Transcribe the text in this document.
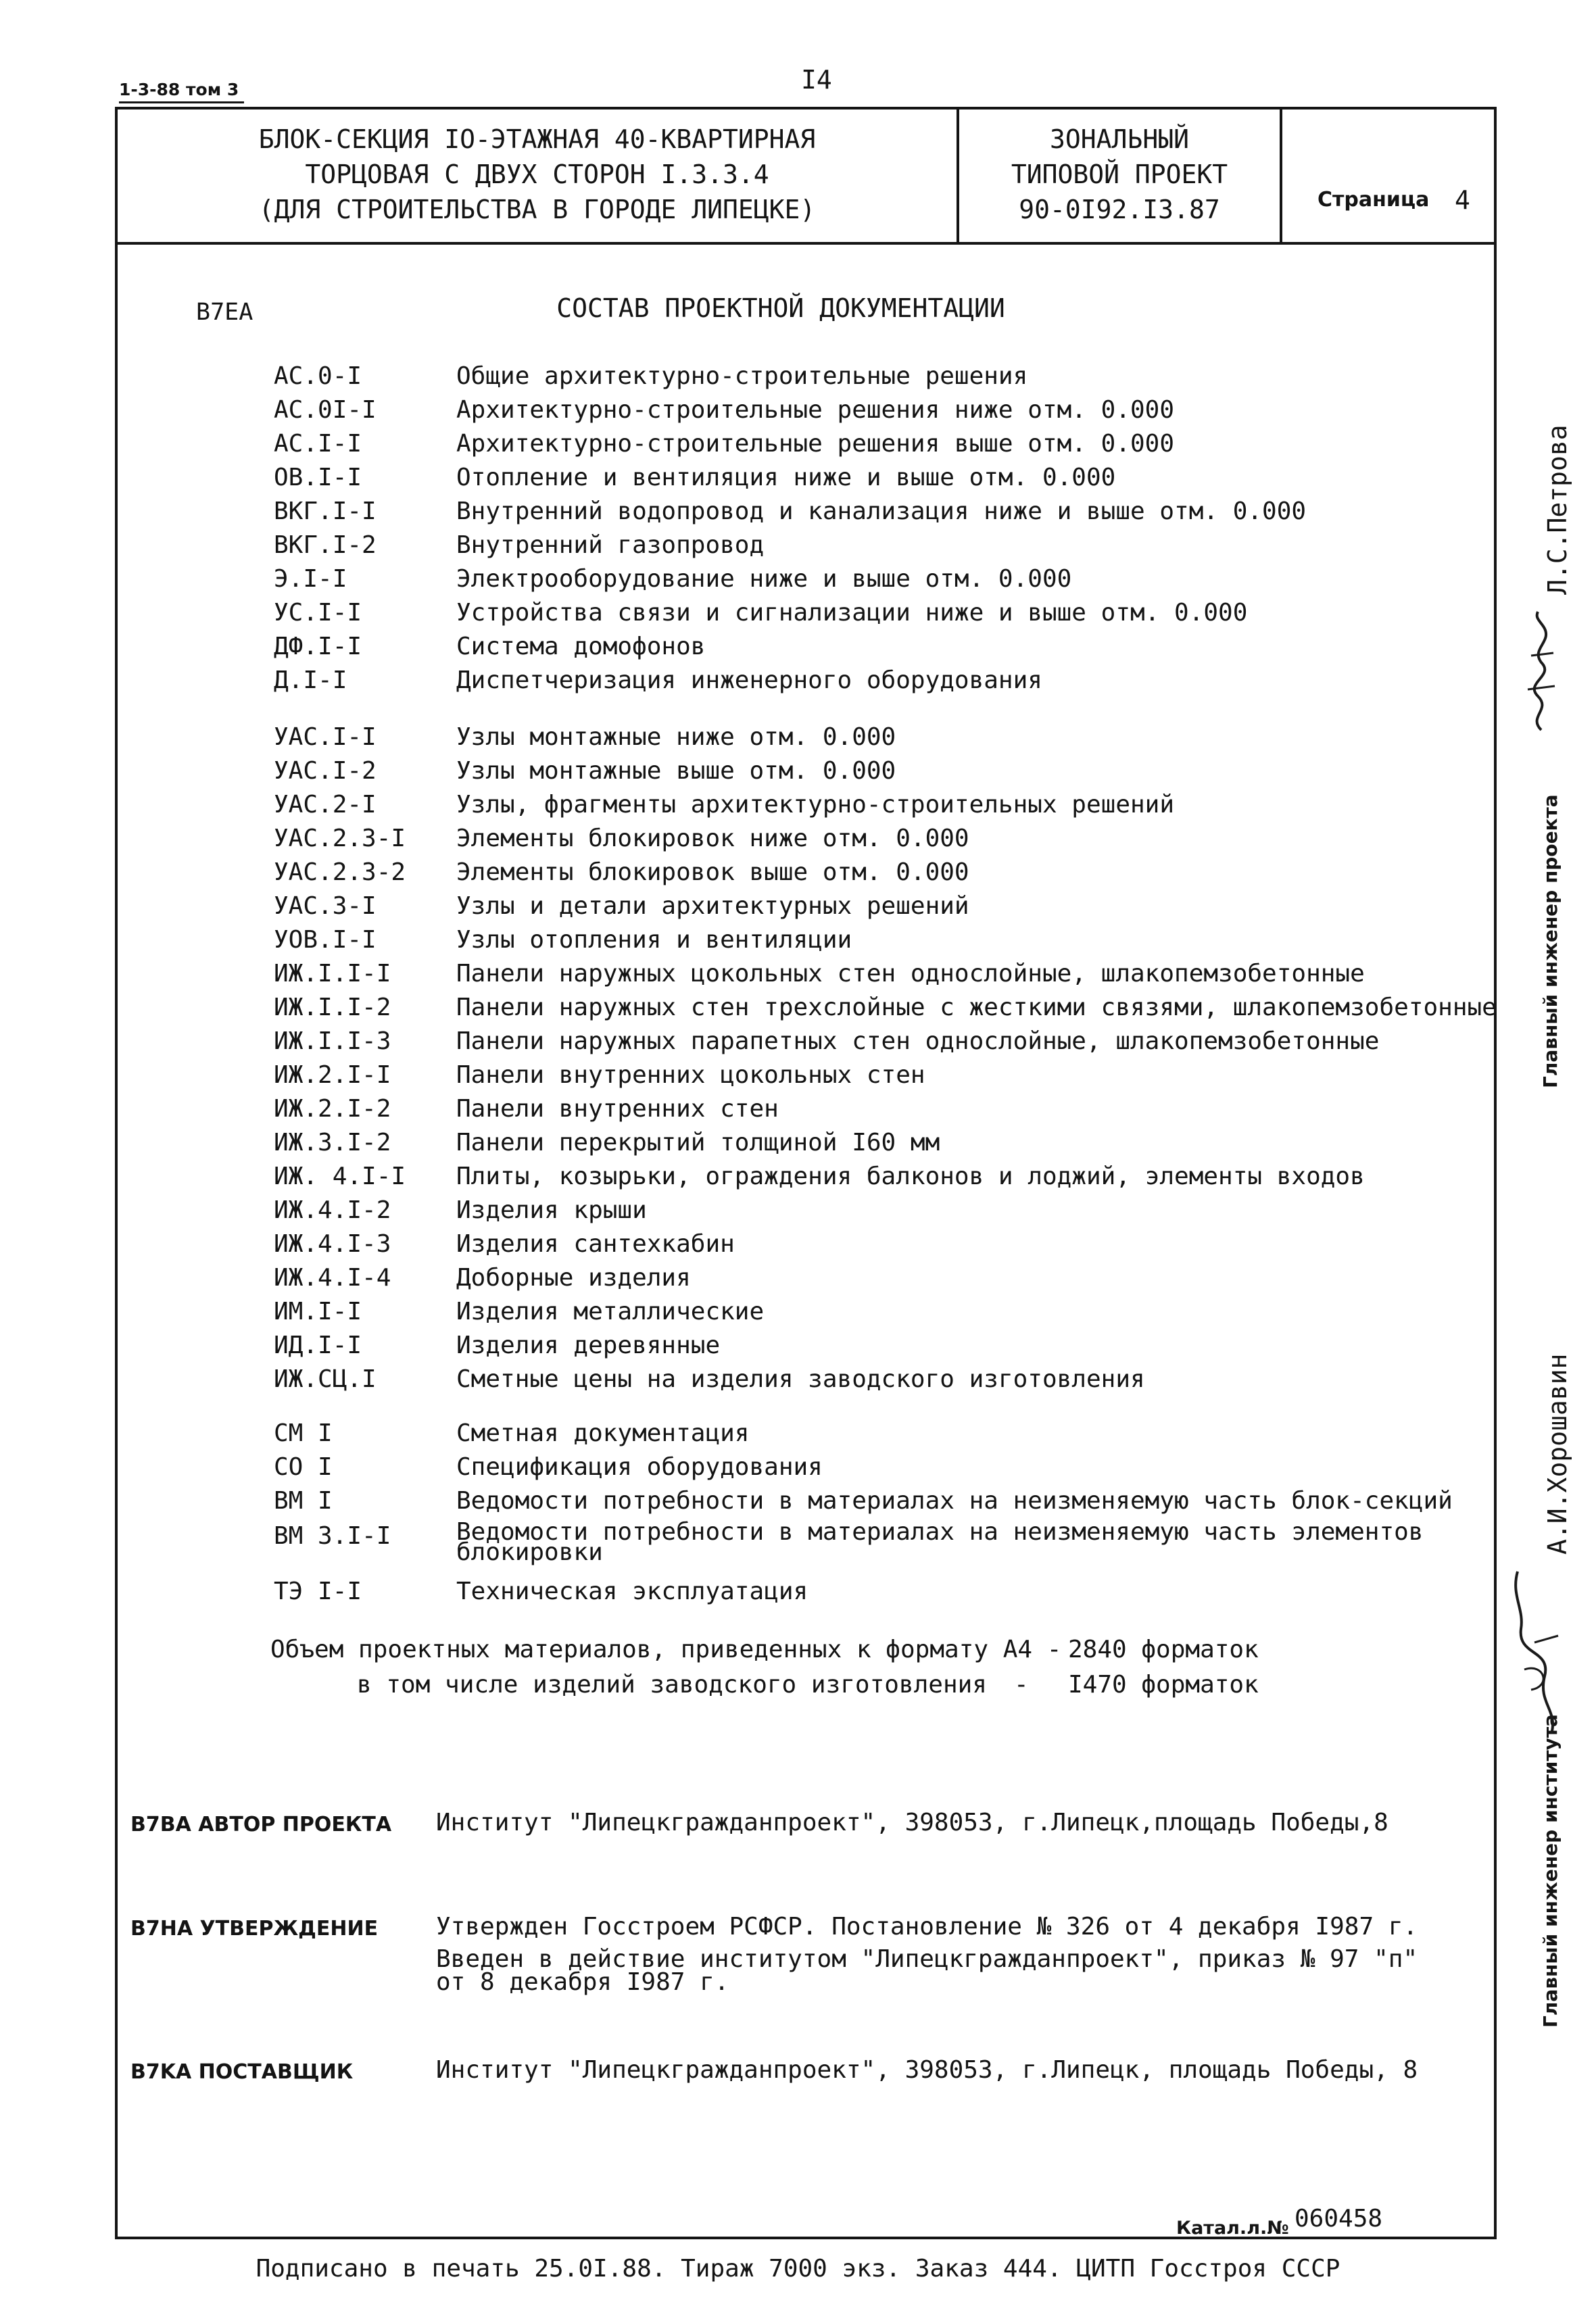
1-3-88 том 3	I4
БЛОК-СЕКЦИЯ IO-ЭТАЖНАЯ 40-КВАРТИРНАЯ
ТОРЦОВАЯ С ДВУХ СТОРОН I.3.3.4
(ДЛЯ СТРОИТЕЛЬСТВА В ГОРОДЕ ЛИПЕЦКЕ)
ЗОНАЛЬНЫЙ
ТИПОВОЙ ПРОЕКТ
90-0I92.I3.87	Страница 4
B7EA	СОСТАВ ПРОЕКТНОЙ ДОКУМЕНТАЦИИ
АС.0-I	Общие архитектурно-строительные решения
АС.0I-I	Архитектурно-строительные решения ниже отм. 0.000
АС.I-I	Архитектурно-строительные решения выше отм. 0.000
ОВ.I-I	Отопление и вентиляция ниже и выше отм. 0.000
ВКГ.I-I	Внутренний водопровод и канализация ниже и выше отм. 0.000
ВКГ.I-2	Внутренний газопровод
Э.I-I	Электрооборудование ниже и выше отм. 0.000
УС.I-I	Устройства связи и сигнализации ниже и выше отм. 0.000
ДФ.I-I	Система домофонов
Д.I-I	Диспетчеризация инженерного оборудования
УАС.I-I	Узлы монтажные ниже отм. 0.000
УАС.I-2	Узлы монтажные выше отм. 0.000
УАС.2-I	Узлы, фрагменты архитектурно-строительных решений
УАС.2.3-I Элементы блокировок ниже отм. 0.000
УАС.2.3-2 Элементы блокировок выше отм. 0.000
УАС.3-I	Узлы и детали архитектурных решений
УОВ.I-I	Узлы отопления и вентиляции
ИЖ.I.I-I	Панели наружных цокольных стен однослойные, шлакопемзобетонные
ИЖ.I.I-2	Панели наружных стен трехслойные с жесткими связями, шлакопемзобетонные
ИЖ.I.I-3	Панели наружных парапетных стен однослойные, шлакопемзобетонные
ИЖ.2.I-I	Панели внутренних цокольных стен
ИЖ.2.I-2	Панели внутренних стен
ИЖ.3.I-2	Панели перекрытий толщиной I60 мм
ИЖ. 4.I-I Плиты, козырьки, ограждения балконов и лоджий, элементы входов
ИЖ.4.I-2	Изделия крыши
ИЖ.4.I-3	Изделия сантехкабин
ИЖ.4.I-4	Доборные изделия
ИМ.I-I	Изделия металлические
ИД.I-I	Изделия деревянные
ИЖ.СЦ.I	Сметные цены на изделия заводского изготовления
СМ I	Сметная документация
СО I	Спецификация оборудования
ВМ I	Ведомости потребности в материалах на неизменяемую часть блок-секций
ВМ 3.I-I	Ведомости потребности в материалах на неизменяемую часть элементов блокировки
ТЭ I-I	Техническая эксплуатация
Объем проектных материалов, приведенных к формату А4 - 2840 форматок
в том числе изделий заводского изготовления - I470 форматок
B7BA АВТОР ПРОЕКТА Институт "Липецкгражданпроект", 398053, г.Липецк,площадь Победы,8
B7HA УТВЕРЖДЕНИЕ Утвержден Госстроем РСФСР. Постановление № 326 от 4 декабря I987 г.
Введен в действие институтом "Липецкгражданпроект", приказ № 97 "п"
от 8 декабря I987 г.
B7KA ПОСТАВЩИК	Институт "Липецкгражданпроект", 398053, г.Липецк, площадь Победы, 8
Катал.л.№ 060458
Подписано в печать 25.0I.88. Тираж 7000 экз. Заказ 444. ЦИТП Госстроя СССР
Главный инженер проекта
Л.С.Петрова
Главный инженер института
А.И.Хорошавин
